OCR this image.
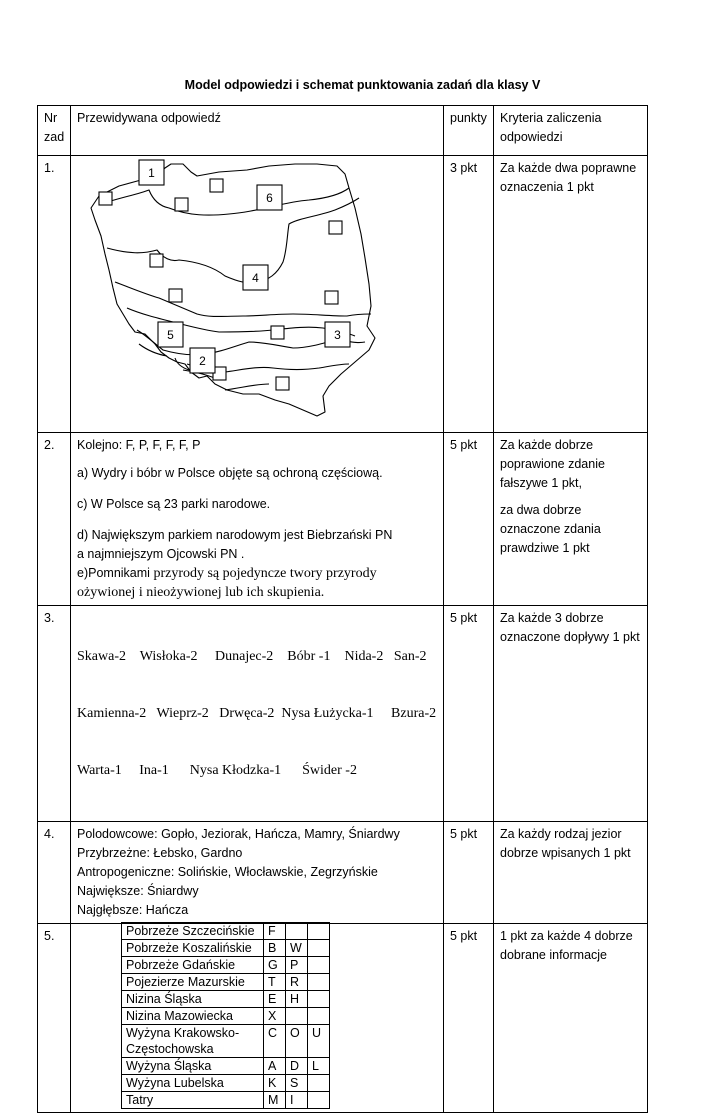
Model odpowiedzi i schemat punktowania zadań dla klasy V
Nr zad	Przewidywana odpowiedź	punkty	Kryteria zaliczenia odpowiedzi
1.	1
6
4
5	3
2
	3 pkt	Za każde dwa poprawne oznaczenia 1 pkt
2.	Kolejno: F, P, F, F, F, P
a) Wydry i bóbr w Polsce objęte są ochroną częściową.
c) W Polsce są 23 parki narodowe.
d) Największym parkiem narodowym jest Biebrzański PN
a najmniejszym Ojcowski PN .
e)Pomnikami przyrody są pojedyncze twory przyrody
ożywionej i nieożywionej lub ich skupienia.
	5 pkt	Za każde dobrze poprawione zdanie fałszywe 1 pkt,
za dwa dobrze oznaczone zdania prawdziwe 1 pkt

3.	

Skawa-2    Wisłoka-2     Dunajec-2    Bóbr -1    Nida-2   San-2

Kamienna-2   Wieprz-2   Drwęca-2  Nysa Łużycka-1     Bzura-2

Warta-1     Ina-1      Nysa Kłodzka-1      Świder -2

	5 pkt	Za każde 3 dobrze oznaczone dopływy 1 pkt
4.	Polodowcowe: Gopło, Jeziorak, Hańcza, Mamry, Śniardwy
Przybrzeżne: Łebsko, Gardno
Antropogeniczne: Solińskie, Włocławskie, Zegrzyńskie
Największe: Śniardwy
Najgłębsze: Hańcza
	5 pkt	Za każdy rodzaj jezior dobrze wpisanych 1 pkt
5.		Pobrzeże Szczecińskie	F		
Pobrzeże Koszalińskie	B	W	
Pobrzeże Gdańskie	G	P	
Pojezierze Mazurskie	T	R	
Nizina Śląska	E	H	
Nizina Mazowiecka	X		
Wyżyna Krakowsko-Częstochowska	C	O	U
Wyżyna Śląska	A	D	L
Wyżyna Lubelska	K	S	
Tatry	M	I	
	5 pkt	1 pkt za każde 4 dobrze dobrane informacje
